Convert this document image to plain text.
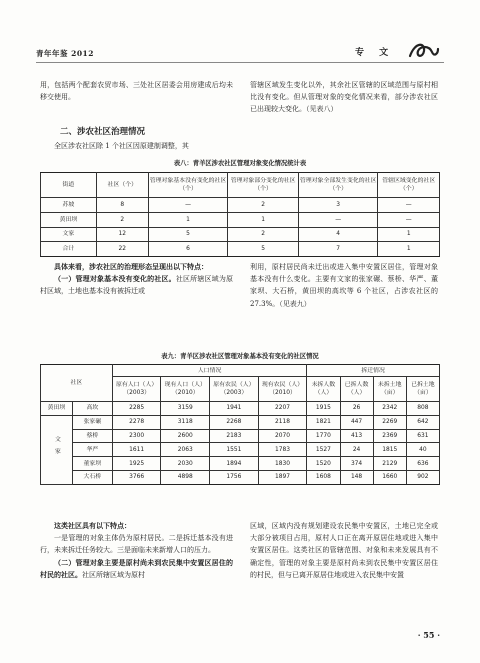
青年年鉴 2012	专 文

用，包括两个配套农贸市场、三处社区居委会用房建成后均未移交使用。

管辖区域发生变化以外，其余社区管辖的区域范围与原村相比没有变化。但从管理对象的变化情况来看，部分涉农社区已出现较大变化。（见表八）

二、涉农社区治理情况

全区涉农社区除 1 个社区因原建制调整，其

表八：青羊区涉农社区管理对象变化情况统计表
街道	社区（个）	管理对象基本没有变化的社区（个）	管理对象部分变化的社区（个）	管理对象全部发生变化的社区（个）	管辖区域变化的社区（个）
苏坡	8	—	2	3	—
黄田坝	2	1	1	—	—
文家	12	5	2	4	1
合计	22	6	5	7	1

具体来看，涉农社区的治理形态呈现出以下特点：

（一）管理对象基本没有变化的社区。社区所辖区域为原村区域，土地也基本没有被拆迁或

利用，原村居民尚未迁出或进入集中安置区居住，管理对象基本没有什么变化。主要有文家的张家碾、蔡桥、华严、董家坝、大石桥，黄田坝的高坎等 6 个社区，占涉农社区的 27.3%。（见表九）

表九：青羊区涉农社区管理对象基本没有变化的社区情况
社区		人口情况				拆迁情况			
		原有人口（人）（2003）	现有人口（人）（2010）	原有农民（人）（2003）	现有农民（人）（2010）	未拆人数（人）	已拆人数（人）	未拆土地（亩）	已拆土地（亩）
黄田坝	高坎	2285	3159	1941	2207	1915	26	2342	808
文家	张家碾	2278	3118	2268	2118	1821	447	2269	642
	蔡桥	2300	2600	2183	2070	1770	413	2369	631
	华严	1611	2063	1551	1783	1527	24	1815	40
	董家坝	1925	2030	1894	1830	1520	374	2129	636
	大石桥	3766	4898	1756	1897	1608	148	1660	902

这类社区具有以下特点：

一是管理的对象主体仍为原村居民。二是拆迁基本没有进行，未来拆迁任务较大。三是面临未来新增人口的压力。

（二）管理对象主要是原村尚未到农民集中安置区居住的村民的社区。社区所辖区域为原村

区域，区域内没有规划建设农民集中安置区，土地已完全或大部分被项目占用，原村人口正在离开原居住地或进入集中安置区居住。这类社区的管辖范围、对象和未来发展具有不确定性，管理的对象主要是原村尚未到农民集中安置区居住的村民，但与已离开原居住地或进入农民集中安置

· 55 ·
